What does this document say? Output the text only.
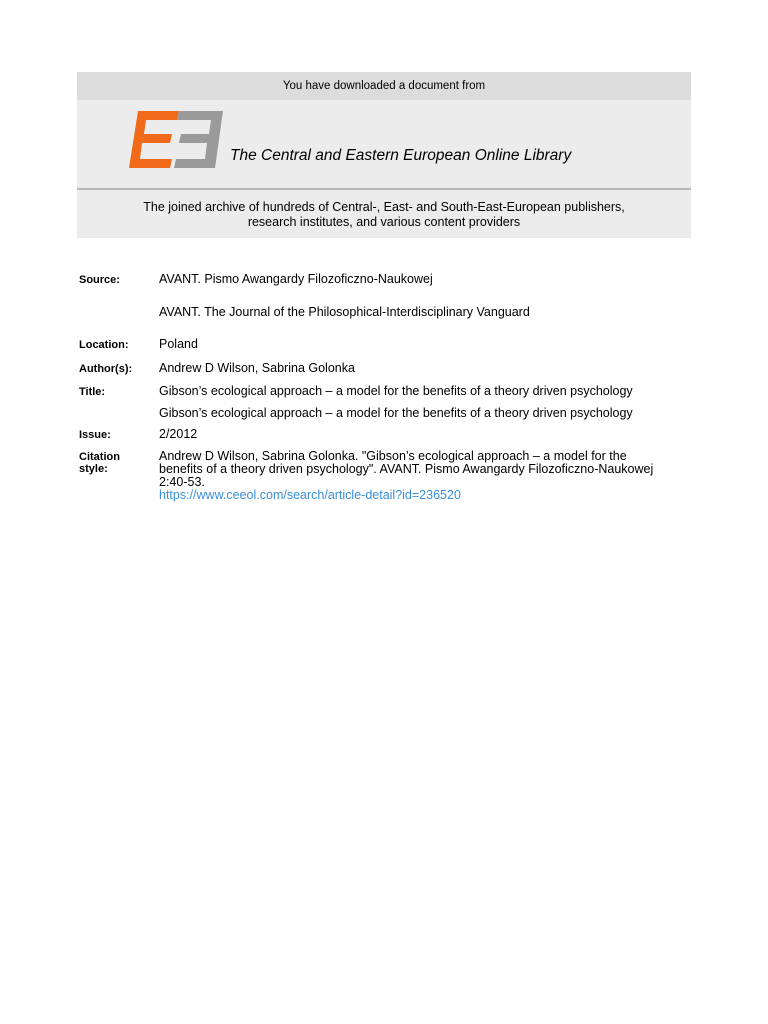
You have downloaded a document from
The Central and Eastern European Online Library
The joined archive of hundreds of Central-, East- and South-East-European publishers,
research institutes, and various content providers
Source:	AVANT. Pismo Awangardy Filozoficzno-Naukowej
AVANT. The Journal of the Philosophical-Interdisciplinary Vanguard
Location:	Poland
Author(s):	Andrew D Wilson, Sabrina Golonka
Title:	Gibson’s ecological approach – a model for the benefits of a theory driven psychology
Gibson’s ecological approach – a model for the benefits of a theory driven psychology
Issue:	2/2012
Citation
style:
Andrew D Wilson, Sabrina Golonka. "Gibson’s ecological approach – a model for the
benefits of a theory driven psychology". AVANT. Pismo Awangardy Filozoficzno-Naukowej
2:40-53.
https://www.ceeol.com/search/article-detail?id=236520
